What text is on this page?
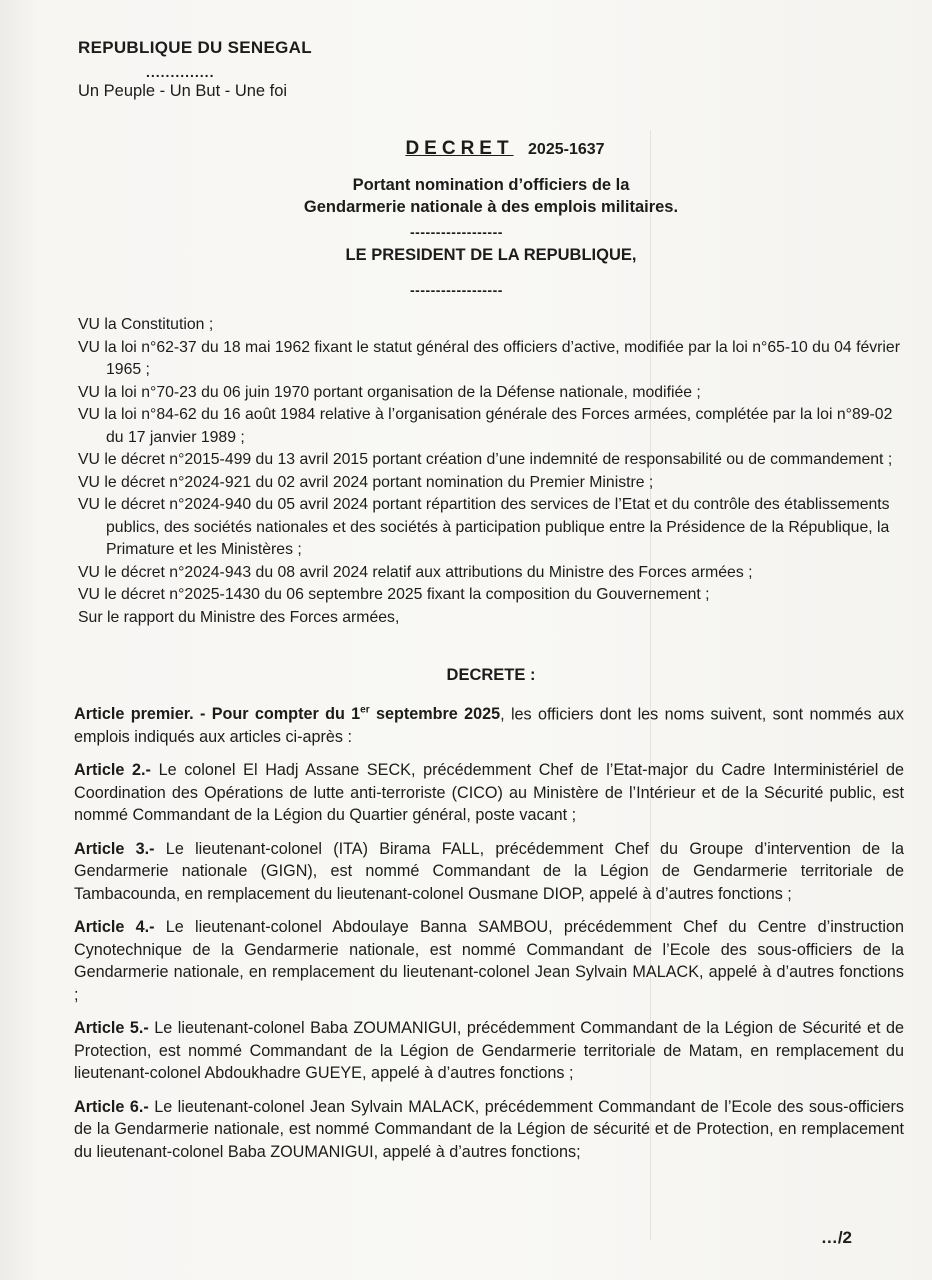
REPUBLIQUE DU SENEGAL

..............
Un Peuple - Un But - Une foi
DECRET 2025-1637
Portant nomination d’officiers de la
Gendarmerie nationale à des emplois militaires.
------------------
LE PRESIDENT DE LA REPUBLIQUE,
------------------
VU la Constitution ;
VU la loi n°62-37 du 18 mai 1962 fixant le statut général des officiers d’active, modifiée par la loi n°65-10 du 04 février 1965 ;
VU la loi n°70-23 du 06 juin 1970 portant organisation de la Défense nationale, modifiée ;
VU la loi n°84-62 du 16 août 1984 relative à l’organisation générale des Forces armées, complétée par la loi n°89-02 du 17 janvier 1989 ;
VU le décret n°2015-499 du 13 avril 2015 portant création d’une indemnité de responsabilité ou de commandement ;
VU le décret n°2024-921 du 02 avril 2024 portant nomination du Premier Ministre ;
VU le décret n°2024-940 du 05 avril 2024 portant répartition des services de l’Etat et du contrôle des établissements publics, des sociétés nationales et des sociétés à participation publique entre la Présidence de la République, la Primature et les Ministères ;
VU le décret n°2024-943 du 08 avril 2024 relatif aux attributions du Ministre des Forces armées ;
VU le décret n°2025-1430 du 06 septembre 2025 fixant la composition du Gouvernement ;
Sur le rapport du Ministre des Forces armées,
DECRETE :
Article premier. - Pour compter du 1er septembre 2025, les officiers dont les noms suivent, sont nommés aux emplois indiqués aux articles ci-après :
Article 2.- Le colonel El Hadj Assane SECK, précédemment Chef de l’Etat-major du Cadre Interministériel de Coordination des Opérations de lutte anti-terroriste (CICO) au Ministère de l’Intérieur et de la Sécurité public, est nommé Commandant de la Légion du Quartier général, poste vacant ;
Article 3.- Le lieutenant-colonel (ITA) Birama FALL, précédemment Chef du Groupe d’intervention de la Gendarmerie nationale (GIGN), est nommé Commandant de la Légion de Gendarmerie territoriale de Tambacounda, en remplacement du lieutenant-colonel Ousmane DIOP, appelé à d’autres fonctions ;
Article 4.- Le lieutenant-colonel Abdoulaye Banna SAMBOU, précédemment Chef du Centre d’instruction Cynotechnique de la Gendarmerie nationale, est nommé Commandant de l’Ecole des sous-officiers de la Gendarmerie nationale, en remplacement du lieutenant-colonel Jean Sylvain MALACK, appelé à d’autres fonctions ;
Article 5.- Le lieutenant-colonel Baba ZOUMANIGUI, précédemment Commandant de la Légion de Sécurité et de Protection, est nommé Commandant de la Légion de Gendarmerie territoriale de Matam, en remplacement du lieutenant-colonel Abdoukhadre GUEYE, appelé à d’autres fonctions ;
Article 6.- Le lieutenant-colonel Jean Sylvain MALACK, précédemment Commandant de l’Ecole des sous-officiers de la Gendarmerie nationale, est nommé Commandant de la Légion de sécurité et de Protection, en remplacement du lieutenant-colonel Baba ZOUMANIGUI, appelé à d’autres fonctions;
…/2
